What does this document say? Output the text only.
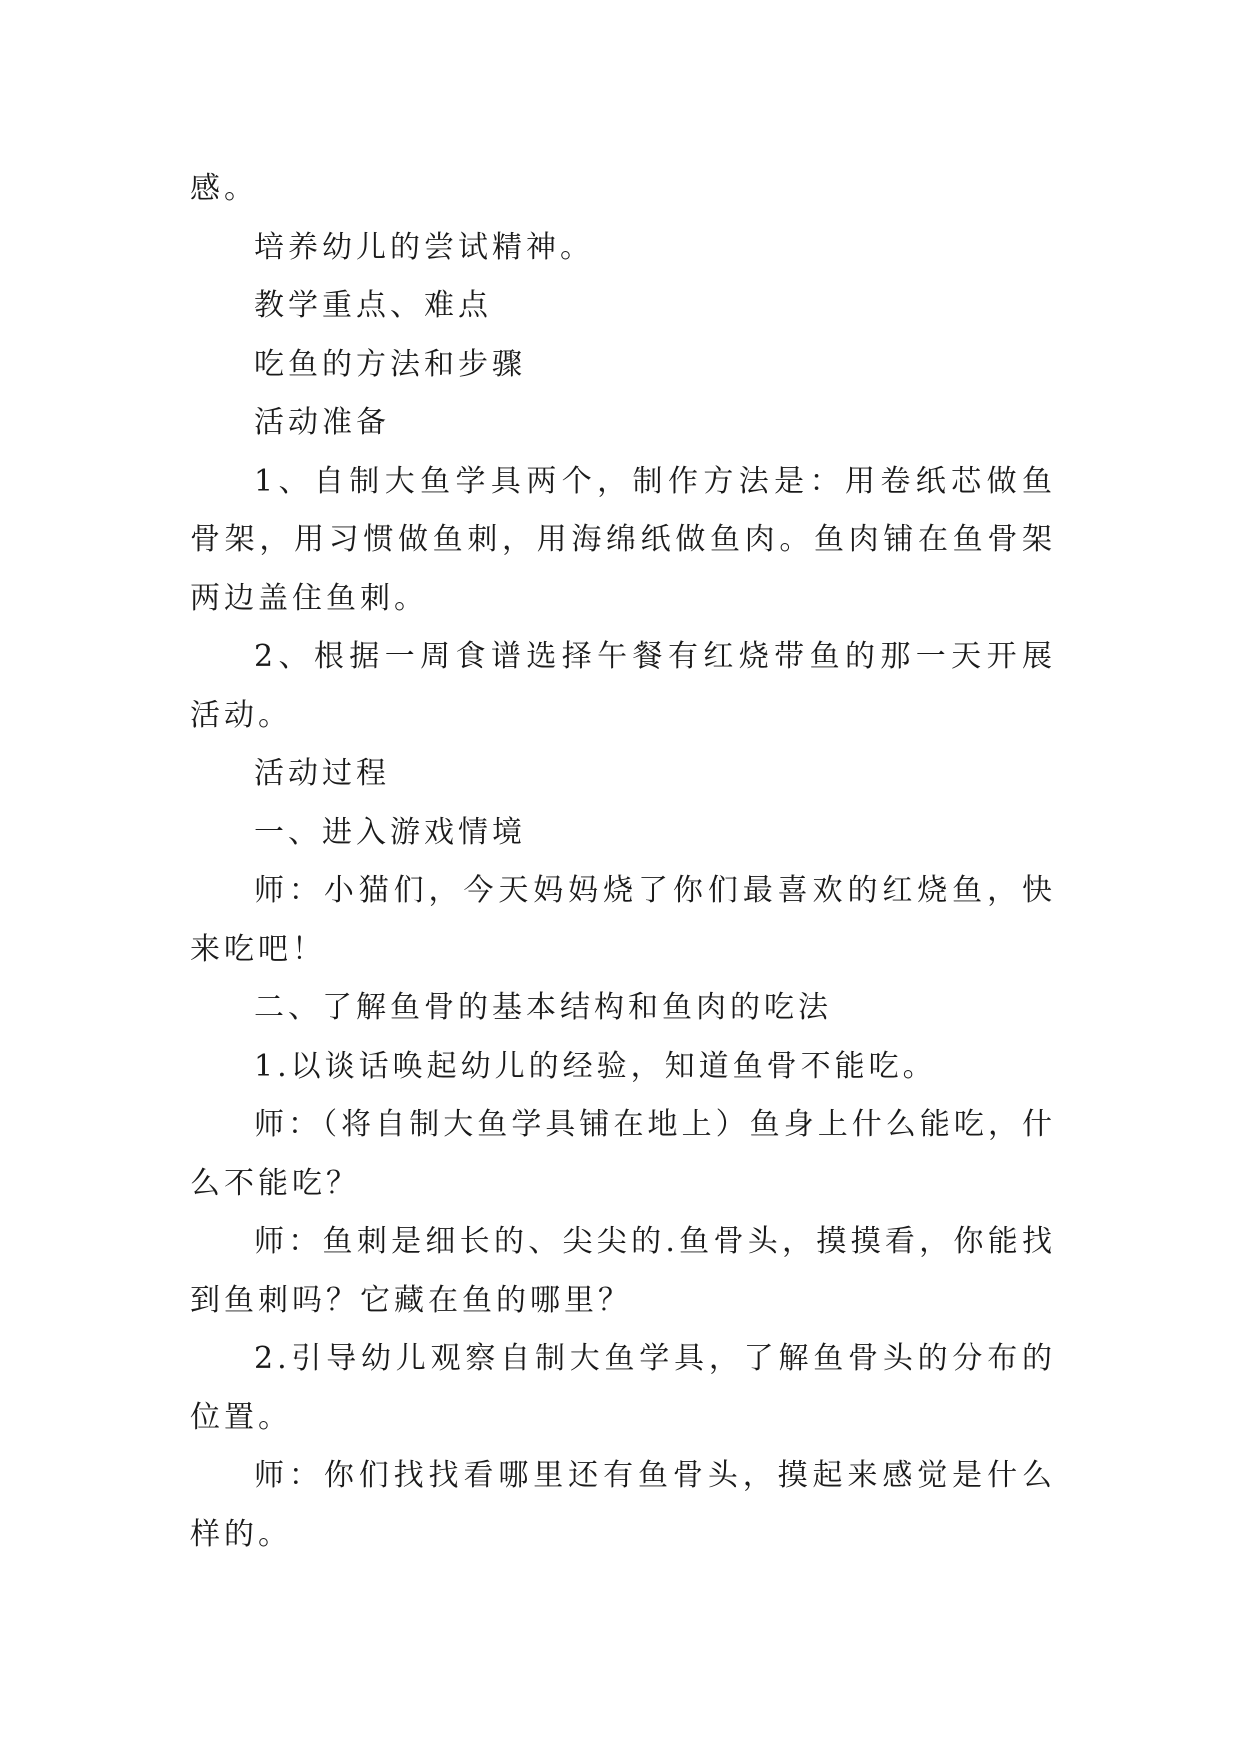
感。

培养幼儿的尝试精神。

教学重点、难点

吃鱼的方法和步骤

活动准备

1、自制大鱼学具两个，制作方法是：用卷纸芯做鱼骨架，用习惯做鱼刺，用海绵纸做鱼肉。鱼肉铺在鱼骨架两边盖住鱼刺。

2、根据一周食谱选择午餐有红烧带鱼的那一天开展活动。

活动过程

一、进入游戏情境

师：小猫们，今天妈妈烧了你们最喜欢的红烧鱼，快来吃吧！

二、了解鱼骨的基本结构和鱼肉的吃法

1.以谈话唤起幼儿的经验，知道鱼骨不能吃。

师：（将自制大鱼学具铺在地上）鱼身上什么能吃，什么不能吃？

师：鱼刺是细长的、尖尖的.鱼骨头，摸摸看，你能找到鱼刺吗？它藏在鱼的哪里？

2.引导幼儿观察自制大鱼学具，了解鱼骨头的分布的位置。

师：你们找找看哪里还有鱼骨头，摸起来感觉是什么样的。
